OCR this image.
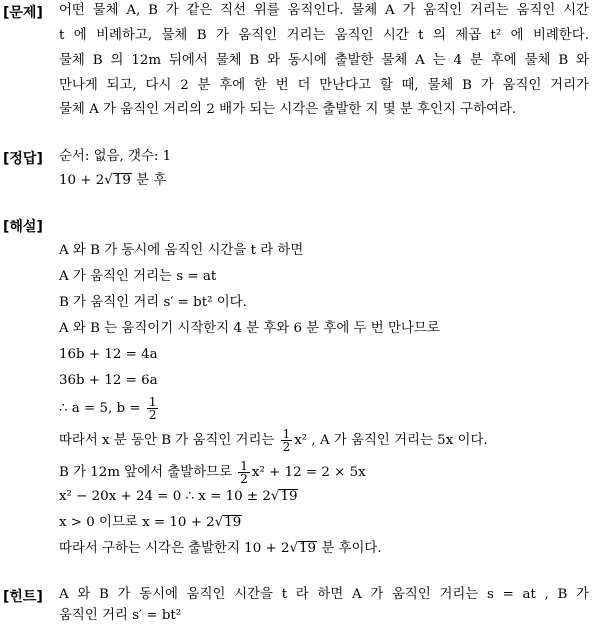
[문제] 어떤 물체 A, B 가 같은 직선 위를 움직인다. 물체 A 가 움직인 거리는 움직인 시간
t 에 비례하고, 물체 B 가 움직인 거리는 움직인 시간 t 의 제곱 t² 에 비례한다.
물체 B 의 12m 뒤에서 물체 B 와 동시에 출발한 물체 A 는 4 분 후에 물체 B 와
만나게 되고, 다시 2 분 후에 한 번 더 만난다고 할 때, 물체 B 가 움직인 거리가
물체 A 가 움직인 거리의 2 배가 되는 시각은 출발한 지 몇 분 후인지 구하여라.
[정답] 순서: 없음, 갯수: 1
10 + 2√19 분 후
[해설]
A 와 B 가 동시에 움직인 시간을 t 라 하면
A 가 움직인 거리는 s = at
B 가 움직인 거리 s′ = bt² 이다.
A 와 B 는 움직이기 시작한지 4 분 후와 6 분 후에 두 번 만나므로
16b + 12 = 4a
36b + 12 = 6a
∴ a = 5, $b = \frac{1}{2}$
따라서 x 분 동안 B 가 움직인 거리는 $\frac{1}{2} x^2$ , A 가 움직인 거리는 5x 이다.
B 가 12m 앞에서 출발하므로 $\frac{1}{2} x^2 + 12 = 2 \times 5x$
x² − 20x + 24 = 0 ∴ x = 10 ± 2√19
x > 0 이므로 x = 10 + 2√19
따라서 구하는 시각은 출발한지 10 + 2√19 분 후이다.
[힌트] A 와 B 가 동시에 움직인 시간을 t 라 하면 A 가 움직인 거리는 s = at , B 가
움직인 거리 s′ = bt²
